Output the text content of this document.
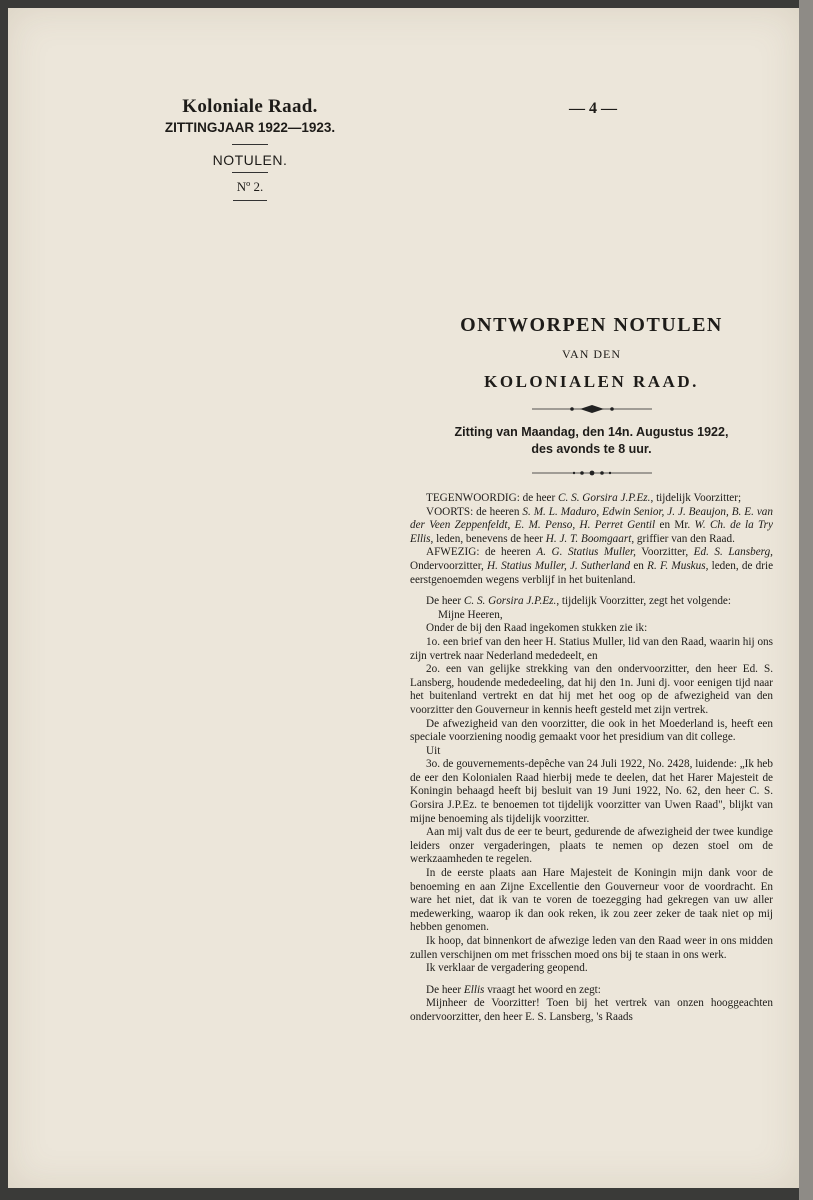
Koloniale Raad.
ZITTINGJAAR 1922—1923.
NOTULEN.
Nº 2.
— 4 —
ONTWORPEN NOTULEN
VAN DEN
KOLONIALEN RAAD.
Zitting van Maandag, den 14n. Augustus 1922,
des avonds te 8 uur.

TEGENWOORDIG: de heer C. S. Gorsira J.P.Ez., tijdelijk Voorzitter;

VOORTS: de heeren S. M. L. Maduro, Edwin Senior, J. J. Beaujon, B. E. van der Veen Zeppenfeldt, E. M. Penso, H. Perret Gentil en Mr. W. Ch. de la Try Ellis, leden, benevens de heer H. J. T. Boomgaart, griffier van den Raad.

AFWEZIG: de heeren A. G. Statius Muller, Voorzitter, Ed. S. Lansberg, Ondervoorzitter, H. Statius Muller, J. Sutherland en R. F. Muskus, leden, de drie eerstgenoemden wegens verblijf in het buitenland.

De heer C. S. Gorsira J.P.Ez., tijdelijk Voorzitter, zegt het volgende:

Mijne Heeren,

Onder de bij den Raad ingekomen stukken zie ik:

1o. een brief van den heer H. Statius Muller, lid van den Raad, waarin hij ons zijn vertrek naar Nederland mededeelt, en

2o. een van gelijke strekking van den ondervoorzitter, den heer Ed. S. Lansberg, houdende mededeeling, dat hij den 1n. Juni dj. voor eenigen tijd naar het buitenland vertrekt en dat hij met het oog op de afwezigheid van den voorzitter den Gouverneur in kennis heeft gesteld met zijn vertrek.

De afwezigheid van den voorzitter, die ook in het Moederland is, heeft een speciale voorziening noodig gemaakt voor het presidium van dit college.

Uit

3o. de gouvernements-depêche van 24 Juli 1922, No. 2428, luidende: „Ik heb de eer den Kolonialen Raad hierbij mede te deelen, dat het Harer Majesteit de Koningin behaagd heeft bij besluit van 19 Juni 1922, No. 62, den heer C. S. Gorsira J.P.Ez. te benoemen tot tijdelijk voorzitter van Uwen Raad", blijkt van mijne benoeming als tijdelijk voorzitter.

Aan mij valt dus de eer te beurt, gedurende de afwezigheid der twee kundige leiders onzer vergaderingen, plaats te nemen op dezen stoel om de werkzaamheden te regelen.

In de eerste plaats aan Hare Majesteit de Koningin mijn dank voor de benoeming en aan Zijne Excellentie den Gouverneur voor de voordracht. En ware het niet, dat ik van te voren de toezegging had gekregen van uw aller medewerking, waarop ik dan ook reken, ik zou zeer zeker de taak niet op mij hebben genomen.

Ik hoop, dat binnenkort de afwezige leden van den Raad weer in ons midden zullen verschijnen om met frisschen moed ons bij te staan in ons werk.

Ik verklaar de vergadering geopend.

De heer Ellis vraagt het woord en zegt:

Mijnheer de Voorzitter! Toen bij het vertrek van onzen hooggeachten ondervoorzitter, den heer E. S. Lansberg, 's Raads
